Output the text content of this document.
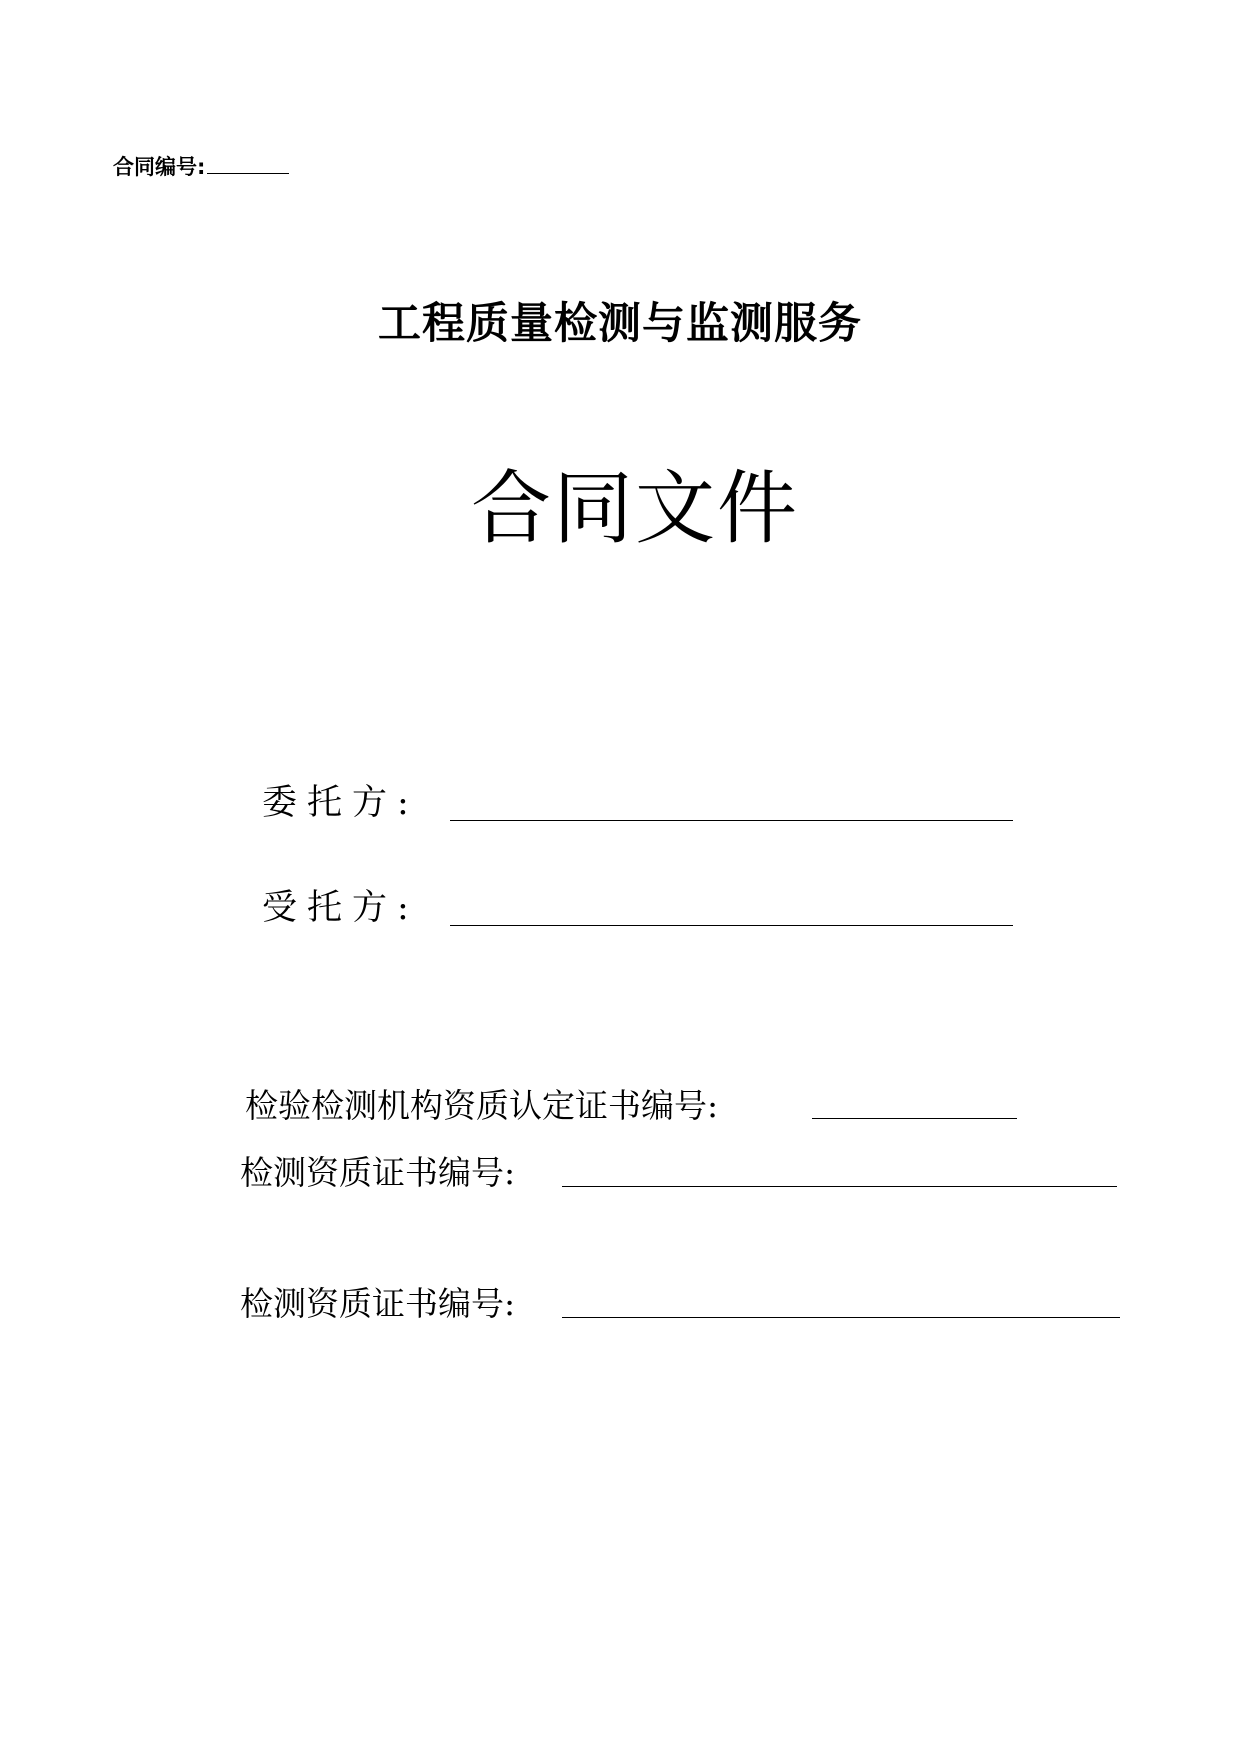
合同编号:
工程质量检测与监测服务
合同文件
委托方:
受托方:
检验检测机构资质认定证书编号:
检测资质证书编号:
检测资质证书编号:
